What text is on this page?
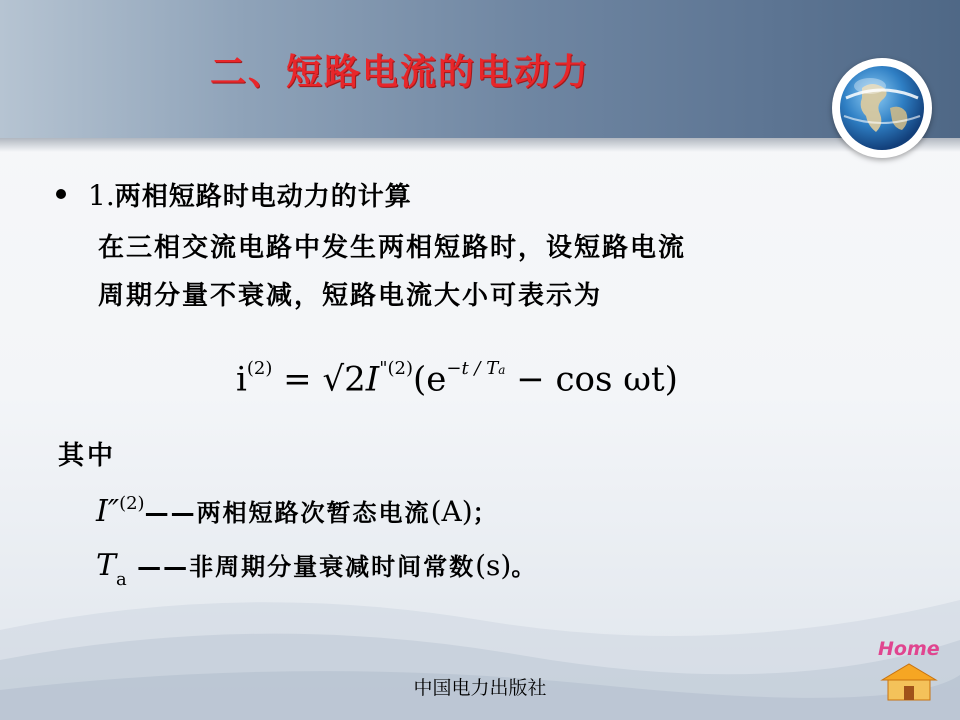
二、短路电流的电动力
1.两相短路时电动力的计算
在三相交流电路中发生两相短路时，设短路电流
周期分量不衰减，短路电流大小可表示为
$i^{(2)} = √2I^{"(2)}(e^{-t / Ta} - \cos \omega t)$
其中
I″(2)——两相短路次暂态电流(A)；
Ta ——非周期分量衰减时间常数(s)。
中国电力出版社
Home
